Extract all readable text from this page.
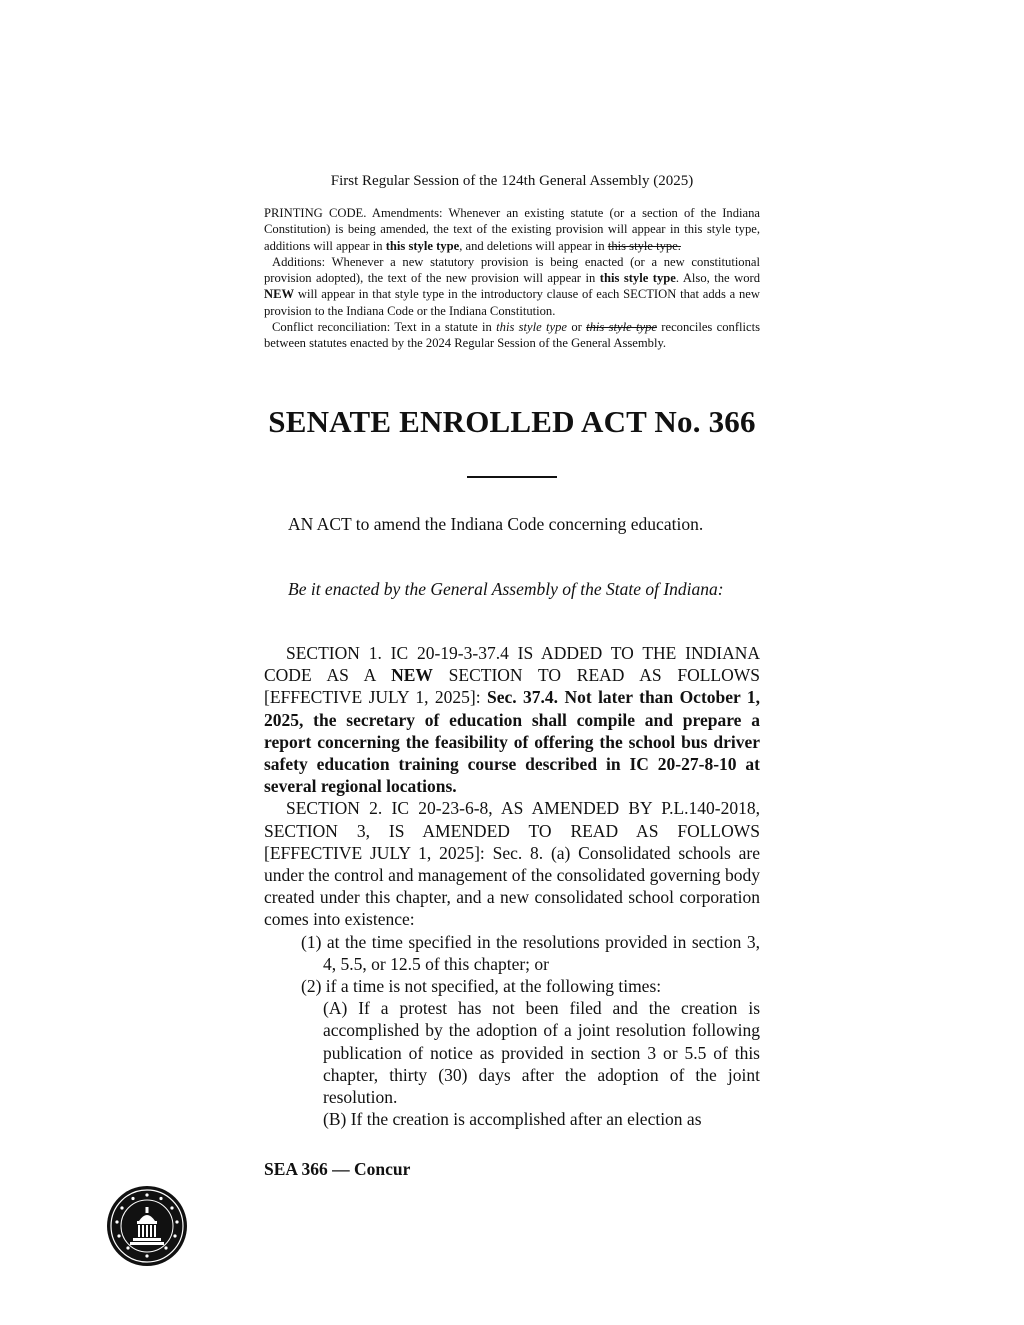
First Regular Session of the 124th General Assembly (2025)

PRINTING CODE. Amendments: Whenever an existing statute (or a section of the Indiana Constitution) is being amended, the text of the existing provision will appear in this style type, additions will appear in this style type, and deletions will appear in this style type.

Additions: Whenever a new statutory provision is being enacted (or a new constitutional provision adopted), the text of the new provision will appear in this style type. Also, the word NEW will appear in that style type in the introductory clause of each SECTION that adds a new provision to the Indiana Code or the Indiana Constitution.

Conflict reconciliation: Text in a statute in this style type or this style type reconciles conflicts between statutes enacted by the 2024 Regular Session of the General Assembly.

SENATE ENROLLED ACT No. 366
AN ACT to amend the Indiana Code concerning education.
Be it enacted by the General Assembly of the State of Indiana:

SECTION 1. IC 20-19-3-37.4 IS ADDED TO THE INDIANA CODE AS A NEW SECTION TO READ AS FOLLOWS [EFFECTIVE JULY 1, 2025]: Sec. 37.4. Not later than October 1, 2025, the secretary of education shall compile and prepare a report concerning the feasibility of offering the school bus driver safety education training course described in IC 20-27-8-10 at several regional locations.

SECTION 2. IC 20-23-6-8, AS AMENDED BY P.L.140-2018, SECTION 3, IS AMENDED TO READ AS FOLLOWS [EFFECTIVE JULY 1, 2025]: Sec. 8. (a) Consolidated schools are under the control and management of the consolidated governing body created under this chapter, and a new consolidated school corporation comes into existence:

(1) at the time specified in the resolutions provided in section 3, 4, 5.5, or 12.5 of this chapter; or

(2) if a time is not specified, at the following times:

(A) If a protest has not been filed and the creation is accomplished by the adoption of a joint resolution following publication of notice as provided in section 3 or 5.5 of this chapter, thirty (30) days after the adoption of the joint resolution.

(B) If the creation is accomplished after an election as

SEA 366 — Concur
